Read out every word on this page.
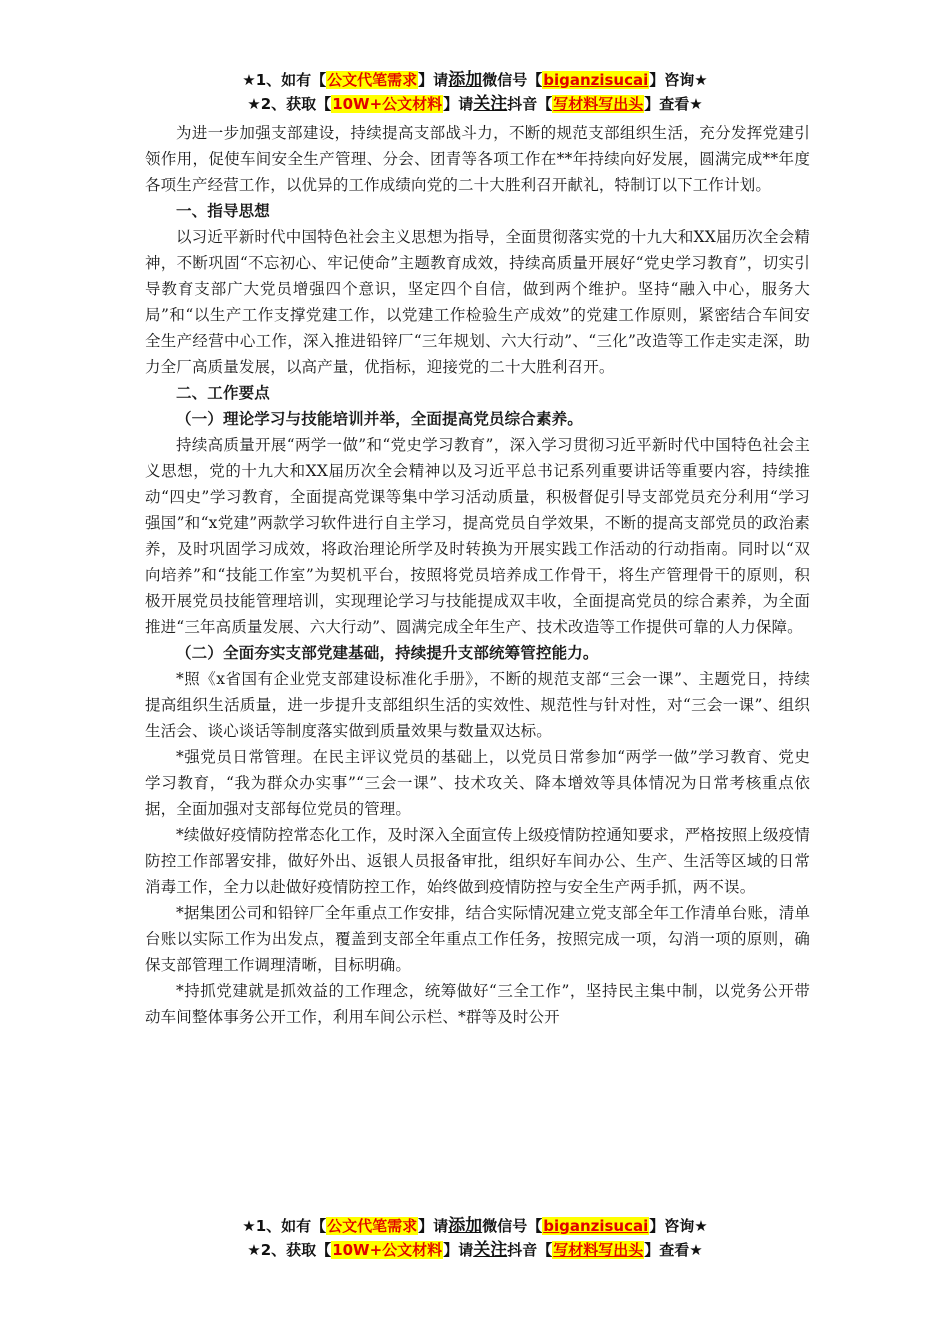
★1、如有【公文代笔需求】请添加微信号【biganzisucai】咨询★
★2、获取【10W+公文材料】请关注抖音【写材料写出头】查看★

为进一步加强支部建设，持续提高支部战斗力，不断的规范支部组织生活，充分发挥党建引领作用，促使车间安全生产管理、分会、团青等各项工作在**年持续向好发展，圆满完成**年度各项生产经营工作，以优异的工作成绩向党的二十大胜利召开献礼，特制订以下工作计划。

一、指导思想

以习近平新时代中国特色社会主义思想为指导，全面贯彻落实党的十九大和XX届历次全会精神，不断巩固“不忘初心、牢记使命”主题教育成效，持续高质量开展好“党史学习教育”，切实引导教育支部广大党员增强四个意识，坚定四个自信，做到两个维护。坚持“融入中心，服务大局”和“以生产工作支撑党建工作，以党建工作检验生产成效”的党建工作原则，紧密结合车间安全生产经营中心工作，深入推进铅锌厂“三年规划、六大行动”、“三化”改造等工作走实走深，助力全厂高质量发展，以高产量，优指标，迎接党的二十大胜利召开。

二、工作要点
（一）理论学习与技能培训并举，全面提高党员综合素养。

持续高质量开展“两学一做”和“党史学习教育”，深入学习贯彻习近平新时代中国特色社会主义思想，党的十九大和XX届历次全会精神以及习近平总书记系列重要讲话等重要内容，持续推动“四史”学习教育，全面提高党课等集中学习活动质量，积极督促引导支部党员充分利用“学习强国”和“x党建”两款学习软件进行自主学习，提高党员自学效果，不断的提高支部党员的政治素养，及时巩固学习成效，将政治理论所学及时转换为开展实践工作活动的行动指南。同时以“双向培养”和“技能工作室”为契机平台，按照将党员培养成工作骨干，将生产管理骨干的原则，积极开展党员技能管理培训，实现理论学习与技能提成双丰收，全面提高党员的综合素养，为全面推进“三年高质量发展、六大行动”、圆满完成全年生产、技术改造等工作提供可靠的人力保障。

（二）全面夯实支部党建基础，持续提升支部统筹管控能力。

*照《x省国有企业党支部建设标准化手册》，不断的规范支部“三会一课”、主题党日，持续提高组织生活质量，进一步提升支部组织生活的实效性、规范性与针对性，对“三会一课”、组织生活会、谈心谈话等制度落实做到质量效果与数量双达标。

*强党员日常管理。在民主评议党员的基础上，以党员日常参加“两学一做”学习教育、党史学习教育，“我为群众办实事”“三会一课”、技术攻关、降本增效等具体情况为日常考核重点依据，全面加强对支部每位党员的管理。

*续做好疫情防控常态化工作，及时深入全面宣传上级疫情防控通知要求，严格按照上级疫情防控工作部署安排，做好外出、返银人员报备审批，组织好车间办公、生产、生活等区域的日常消毒工作，全力以赴做好疫情防控工作，始终做到疫情防控与安全生产两手抓，两不误。

*据集团公司和铅锌厂全年重点工作安排，结合实际情况建立党支部全年工作清单台账，清单台账以实际工作为出发点，覆盖到支部全年重点工作任务，按照完成一项，勾消一项的原则，确保支部管理工作调理清晰，目标明确。

*持抓党建就是抓效益的工作理念，统筹做好“三全工作”，坚持民主集中制，以党务公开带动车间整体事务公开工作，利用车间公示栏、*群等及时公开

★1、如有【公文代笔需求】请添加微信号【biganzisucai】咨询★
★2、获取【10W+公文材料】请关注抖音【写材料写出头】查看★
